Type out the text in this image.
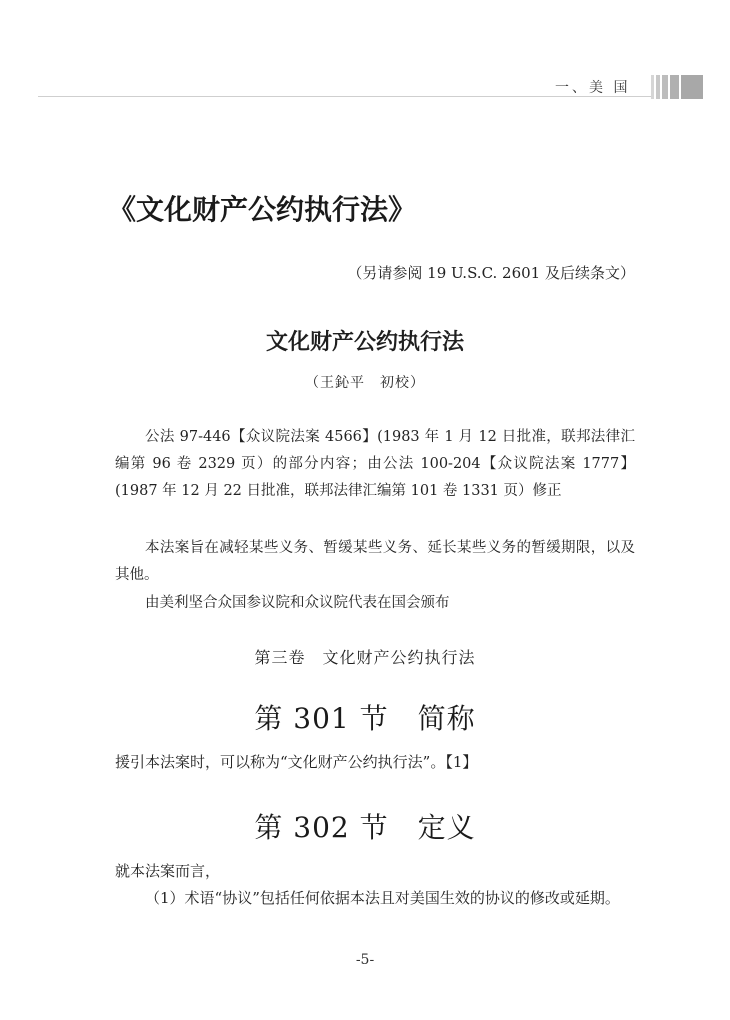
一、美 国
《文化财产公约执行法》
（另请参阅 19 U.S.C. 2601 及后续条文）
文化财产公约执行法
（王鈊平　初校）
公法 97-446【众议院法案 4566】(1983 年 1 月 12 日批准，联邦法律汇编第 96 卷 2329 页）的部分内容；由公法 100-204【众议院法案 1777】(1987 年 12 月 22 日批准，联邦法律汇编第 101 卷 1331 页）修正
本法案旨在减轻某些义务、暂缓某些义务、延长某些义务的暂缓期限，以及其他。
由美利坚合众国参议院和众议院代表在国会颁布
第三卷　文化财产公约执行法
第 301 节　简称
援引本法案时，可以称为“文化财产公约执行法”。【1】
第 302 节　定义
就本法案而言，
（1）术语“协议”包括任何依据本法且对美国生效的协议的修改或延期。
-5-
